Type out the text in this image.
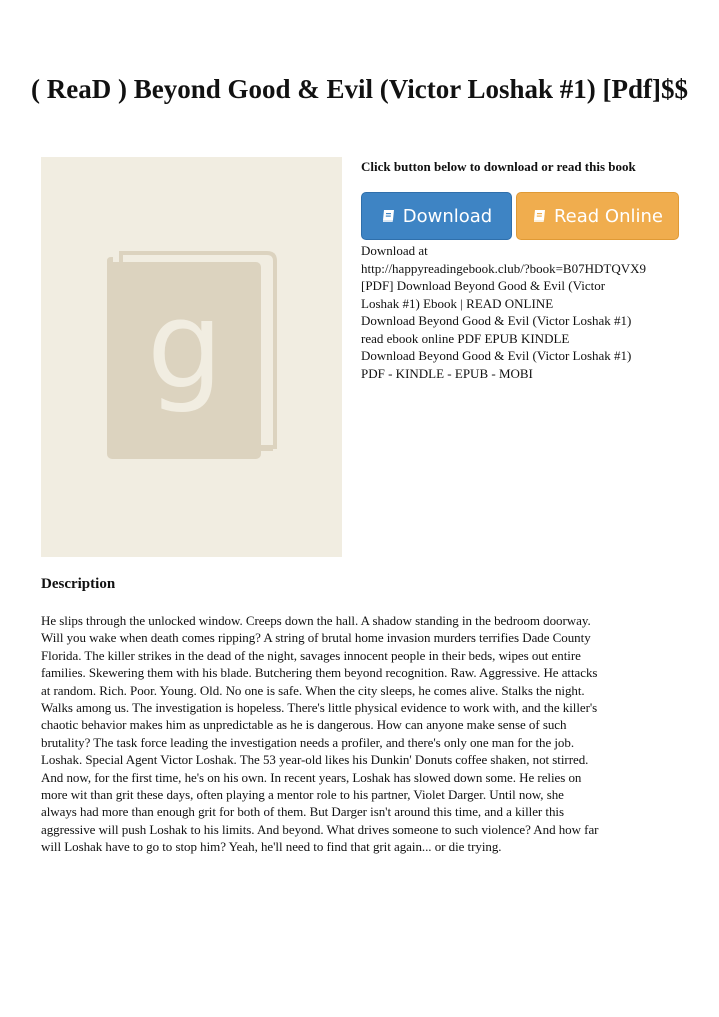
( ReaD ) Beyond Good & Evil (Victor Loshak #1) [Pdf]$$
g
Click button below to download or read this book
Download	Read Online
Download at
http://happyreadingebook.club/?book=B07HDTQVX9
[PDF] Download Beyond Good & Evil (Victor
Loshak #1) Ebook | READ ONLINE
Download Beyond Good & Evil (Victor Loshak #1)
read ebook online PDF EPUB KINDLE
Download Beyond Good & Evil (Victor Loshak #1)
PDF - KINDLE - EPUB - MOBI
Description
He slips through the unlocked window. Creeps down the hall. A shadow standing in the bedroom doorway.
Will you wake when death comes ripping? A string of brutal home invasion murders terrifies Dade County
Florida. The killer strikes in the dead of the night, savages innocent people in their beds, wipes out entire
families. Skewering them with his blade. Butchering them beyond recognition. Raw. Aggressive. He attacks
at random. Rich. Poor. Young. Old. No one is safe. When the city sleeps, he comes alive. Stalks the night.
Walks among us. The investigation is hopeless. There's little physical evidence to work with, and the killer's
chaotic behavior makes him as unpredictable as he is dangerous. How can anyone make sense of such
brutality? The task force leading the investigation needs a profiler, and there's only one man for the job.
Loshak. Special Agent Victor Loshak. The 53 year-old likes his Dunkin' Donuts coffee shaken, not stirred.
And now, for the first time, he's on his own. In recent years, Loshak has slowed down some. He relies on
more wit than grit these days, often playing a mentor role to his partner, Violet Darger. Until now, she
always had more than enough grit for both of them. But Darger isn't around this time, and a killer this
aggressive will push Loshak to his limits. And beyond. What drives someone to such violence? And how far
will Loshak have to go to stop him? Yeah, he'll need to find that grit again... or die trying.
